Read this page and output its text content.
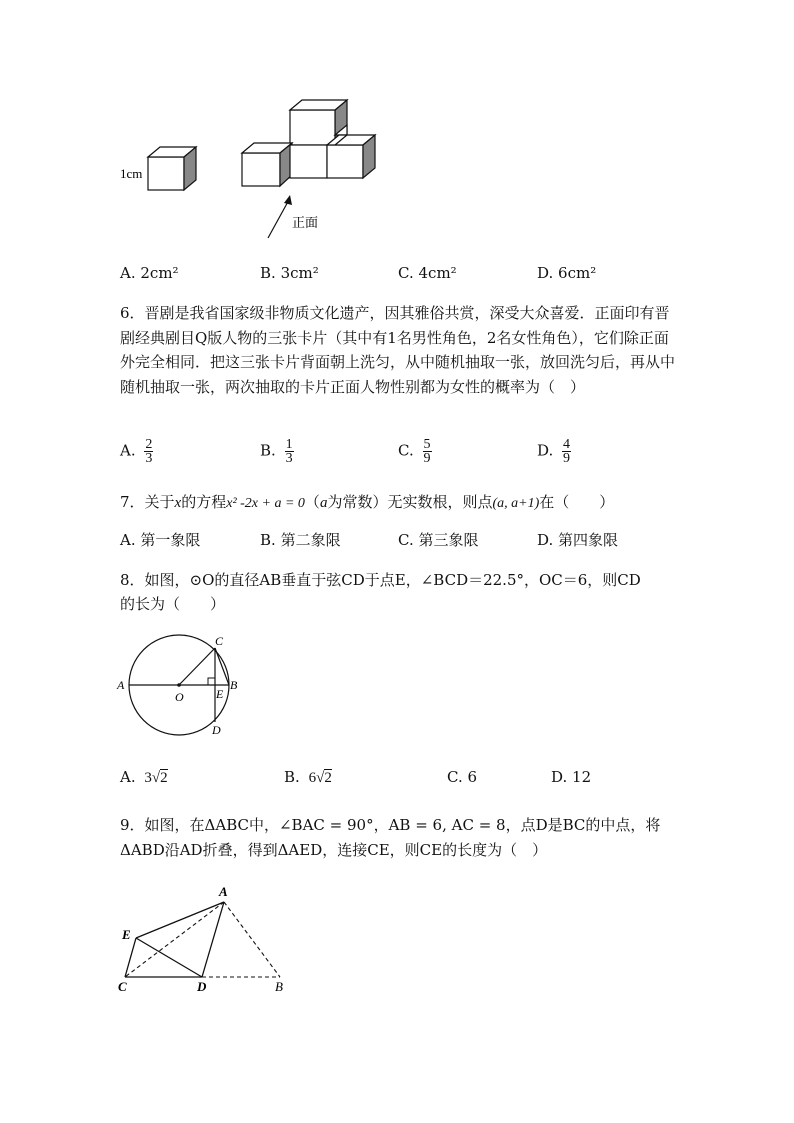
1cm
正面
A. 2cm²	B. 3cm²	C. 4cm²	D. 6cm²
6．晋剧是我省国家级非物质文化遗产，因其雅俗共赏，深受大众喜爱．正面印有晋剧经典剧目Q版人物的三张卡片（其中有1名男性角色，2名女性角色），它们除正面外完全相同．把这三张卡片背面朝上洗匀，从中随机抽取一张，放回洗匀后，再从中随机抽取一张，两次抽取的卡片正面人物性别都为女性的概率为（　）
A. $\frac{2}{3}$	B. $\frac{1}{3}$	C. $\frac{5}{9}$	D. $\frac{4}{9}$
7．关于x的方程x² -2x + a = 0（a为常数）无实数根，则点(a, a+1)在（　　）
A. 第一象限	B. 第二象限	C. 第三象限	D. 第四象限
8．如图，⊙O的直径AB垂直于弦CD于点E，∠BCD＝22.5°，OC＝6，则CD
的长为（　　）
A
O	E
B
C
D
A. 3√2	B. 6√2	C. 6	D. 12
9．如图，在ΔABC中，∠BAC = 90°，AB = 6, AC = 8，点D是BC的中点，将
ΔABD沿AD折叠，得到ΔAED，连接CE，则CE的长度为（　）
A
E
C	D	B
